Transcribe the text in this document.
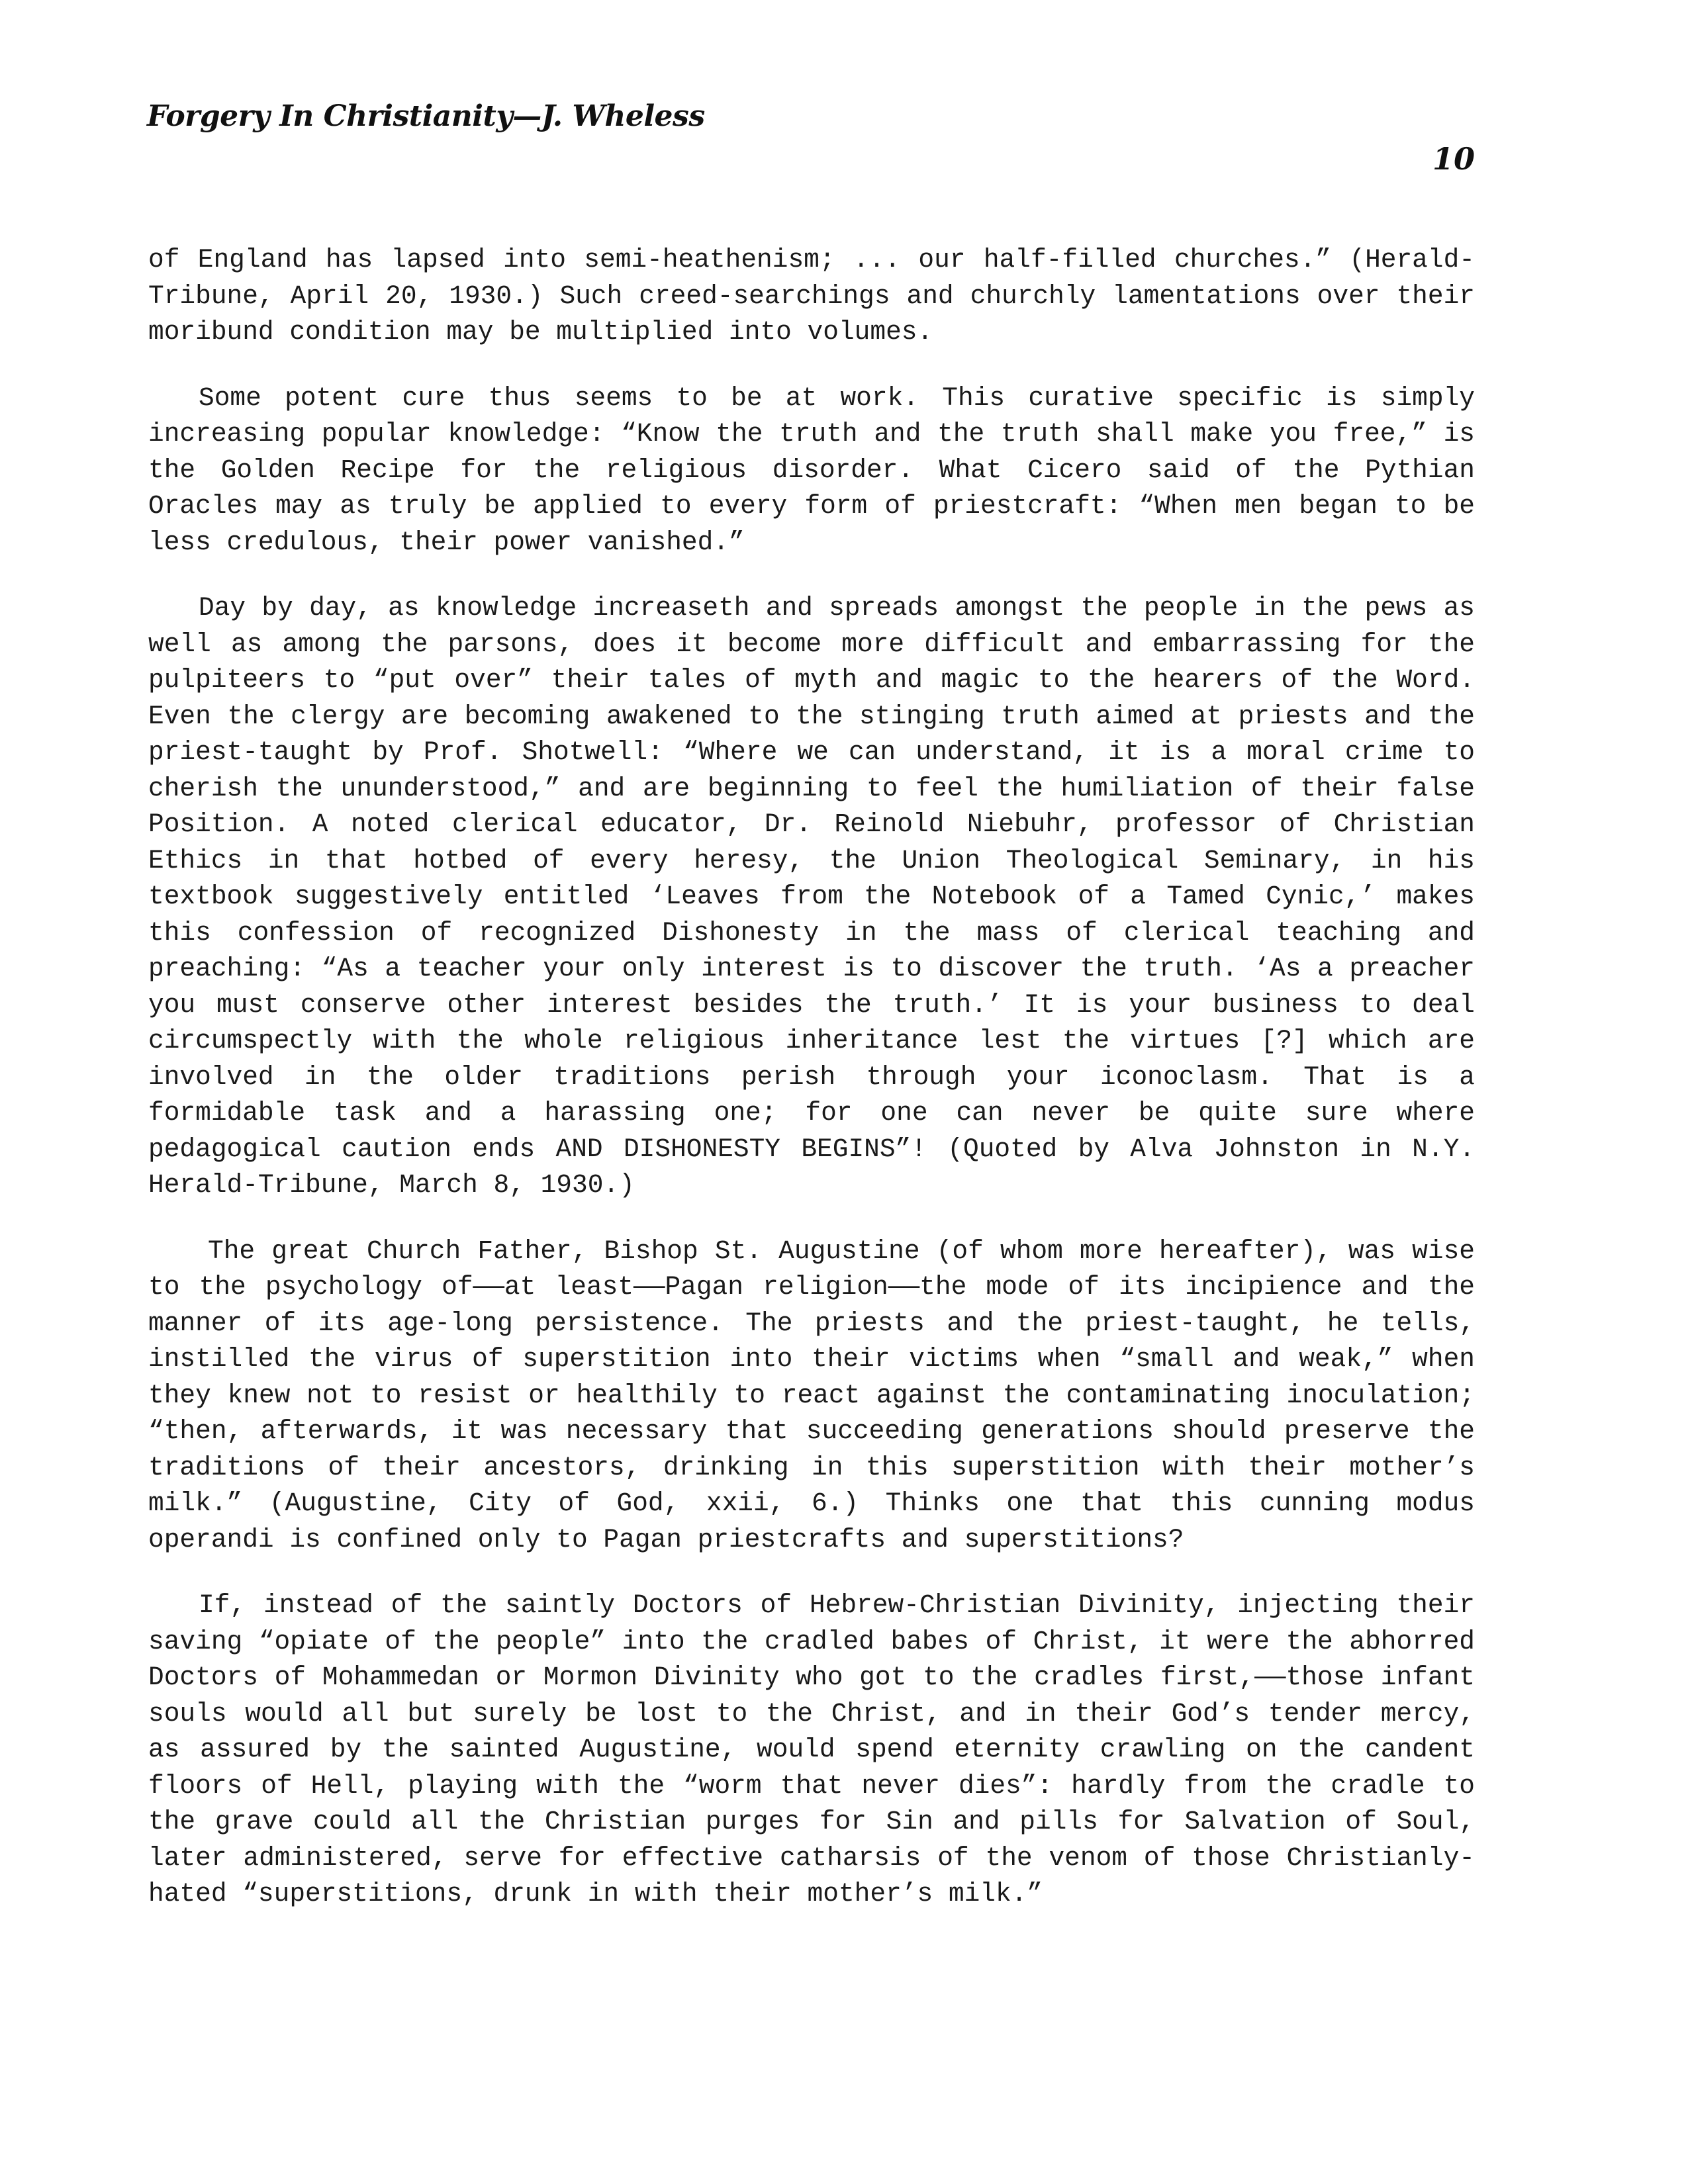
Forgery In Christianity—J. Wheless
10

of England has lapsed into semi-heathenism; ... our half-filled churches.” (Herald-Tribune, April 20, 1930.) Such creed-searchings and churchly lamentations over their moribund condition may be multiplied into volumes.

Some potent cure thus seems to be at work. This curative specific is simply increasing popular knowledge: “Know the truth and the truth shall make you free,” is the Golden Recipe for the religious disorder. What Cicero said of the Pythian Oracles may as truly be applied to every form of priestcraft: “When men began to be less credulous, their power vanished.”

Day by day, as knowledge increaseth and spreads amongst the people in the pews as well as among the parsons, does it become more difficult and embarrassing for the pulpiteers to “put over” their tales of myth and magic to the hearers of the Word. Even the clergy are becoming awakened to the stinging truth aimed at priests and the priest-taught by Prof. Shotwell: “Where we can understand, it is a moral crime to cherish the ununderstood,” and are beginning to feel the humiliation of their false Position. A noted clerical educator, Dr. Reinold Niebuhr, professor of Christian Ethics in that hotbed of every heresy, the Union Theological Seminary, in his textbook suggestively entitled ‘Leaves from the Notebook of a Tamed Cynic,’ makes this confession of recognized Dishonesty in the mass of clerical teaching and preaching: “As a teacher your only interest is to discover the truth. ‘As a preacher you must conserve other interest besides the truth.’ It is your business to deal circumspectly with the whole religious inheritance lest the virtues [?] which are involved in the older traditions perish through your iconoclasm. That is a formidable task and a harassing one; for one can never be quite sure where pedagogical caution ends AND DISHONESTY BEGINS”! (Quoted by Alva Johnston in N.Y. Herald-Tribune, March 8, 1930.)

The great Church Father, Bishop St. Augustine (of whom more hereafter), was wise to the psychology of——at least——Pagan religion——the mode of its incipience and the manner of its age-long persistence. The priests and the priest-taught, he tells, instilled the virus of superstition into their victims when “small and weak,” when they knew not to resist or healthily to react against the contaminating inoculation; “then, afterwards, it was necessary that succeeding generations should preserve the traditions of their ancestors, drinking in this superstition with their mother’s milk.” (Augustine, City of God, xxii, 6.) Thinks one that this cunning modus operandi is confined only to Pagan priestcrafts and superstitions?

If, instead of the saintly Doctors of Hebrew-Christian Divinity, injecting their saving “opiate of the people” into the cradled babes of Christ, it were the abhorred Doctors of Mohammedan or Mormon Divinity who got to the cradles first,——those infant souls would all but surely be lost to the Christ, and in their God’s tender mercy, as assured by the sainted Augustine, would spend eternity crawling on the candent floors of Hell, playing with the “worm that never dies”: hardly from the cradle to the grave could all the Christian purges for Sin and pills for Salvation of Soul, later administered, serve for effective catharsis of the venom of those Christianly-hated “superstitions, drunk in with their mother’s milk.”
